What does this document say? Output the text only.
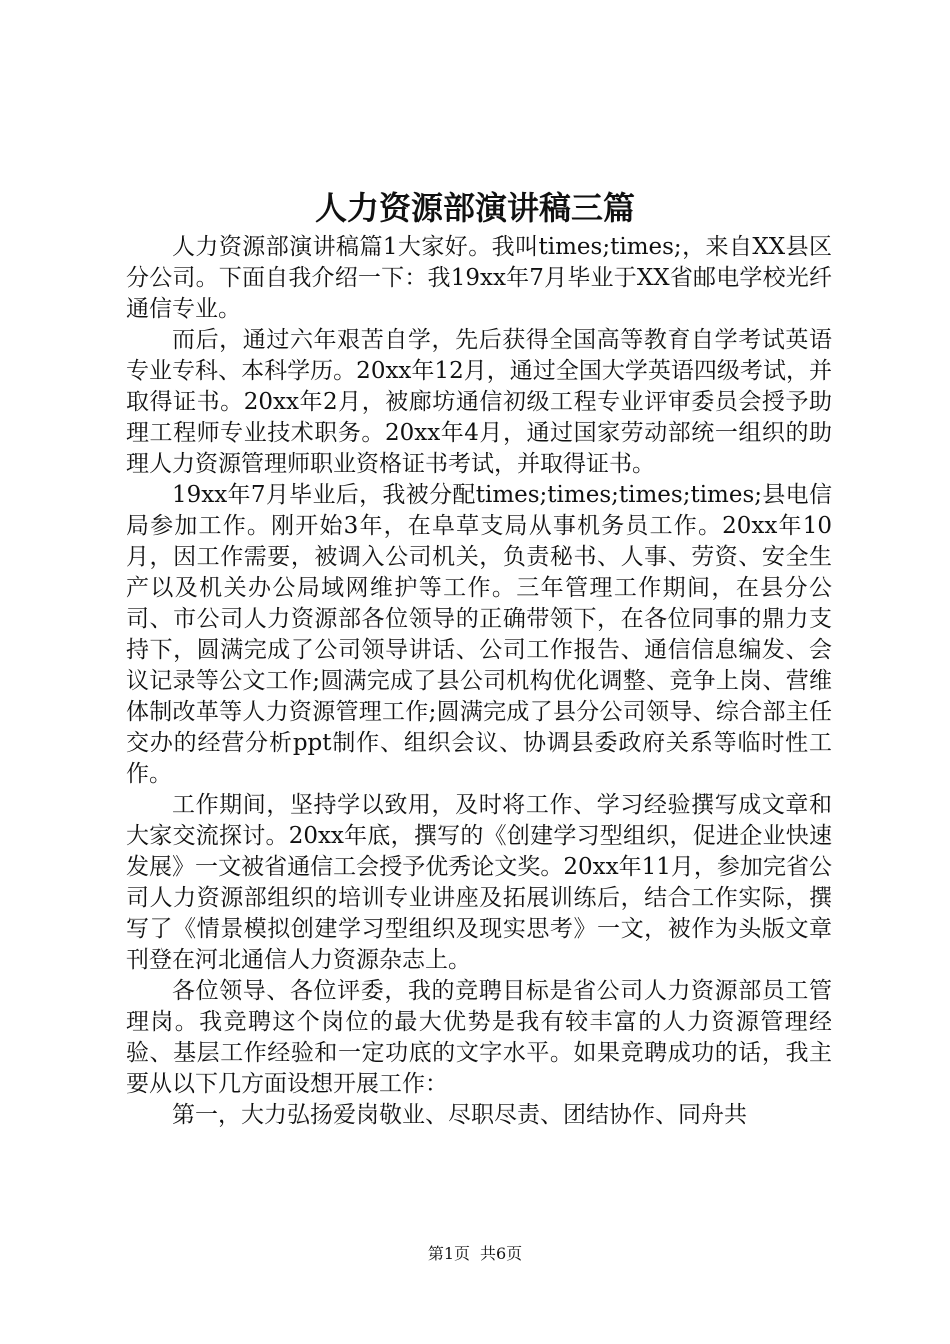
人力资源部演讲稿三篇

人力资源部演讲稿篇1大家好。我叫times;times;，来自XX县区分公司。下面自我介绍一下：我19xx年7月毕业于XX省邮电学校光纤通信专业。

而后，通过六年艰苦自学，先后获得全国高等教育自学考试英语专业专科、本科学历。20xx年12月，通过全国大学英语四级考试，并取得证书。20xx年2月，被廊坊通信初级工程专业评审委员会授予助理工程师专业技术职务。20xx年4月，通过国家劳动部统一组织的助理人力资源管理师职业资格证书考试，并取得证书。

19xx年7月毕业后，我被分配times;times;times;times;县电信局参加工作。刚开始3年，在阜草支局从事机务员工作。20xx年10月，因工作需要，被调入公司机关，负责秘书、人事、劳资、安全生产以及机关办公局域网维护等工作。三年管理工作期间，在县分公司、市公司人力资源部各位领导的正确带领下，在各位同事的鼎力支持下，圆满完成了公司领导讲话、公司工作报告、通信信息编发、会议记录等公文工作;圆满完成了县公司机构优化调整、竞争上岗、营维体制改革等人力资源管理工作;圆满完成了县分公司领导、综合部主任交办的经营分析ppt制作、组织会议、协调县委政府关系等临时性工作。

工作期间，坚持学以致用，及时将工作、学习经验撰写成文章和大家交流探讨。20xx年底，撰写的《创建学习型组织，促进企业快速发展》一文被省通信工会授予优秀论文奖。20xx年11月，参加完省公司人力资源部组织的培训专业讲座及拓展训练后，结合工作实际，撰写了《情景模拟创建学习型组织及现实思考》一文，被作为头版文章刊登在河北通信人力资源杂志上。

各位领导、各位评委，我的竞聘目标是省公司人力资源部员工管理岗。我竞聘这个岗位的最大优势是我有较丰富的人力资源管理经验、基层工作经验和一定功底的文字水平。如果竞聘成功的话，我主要从以下几方面设想开展工作：

第一，大力弘扬爱岗敬业、尽职尽责、团结协作、同舟共

第1页 共6页
